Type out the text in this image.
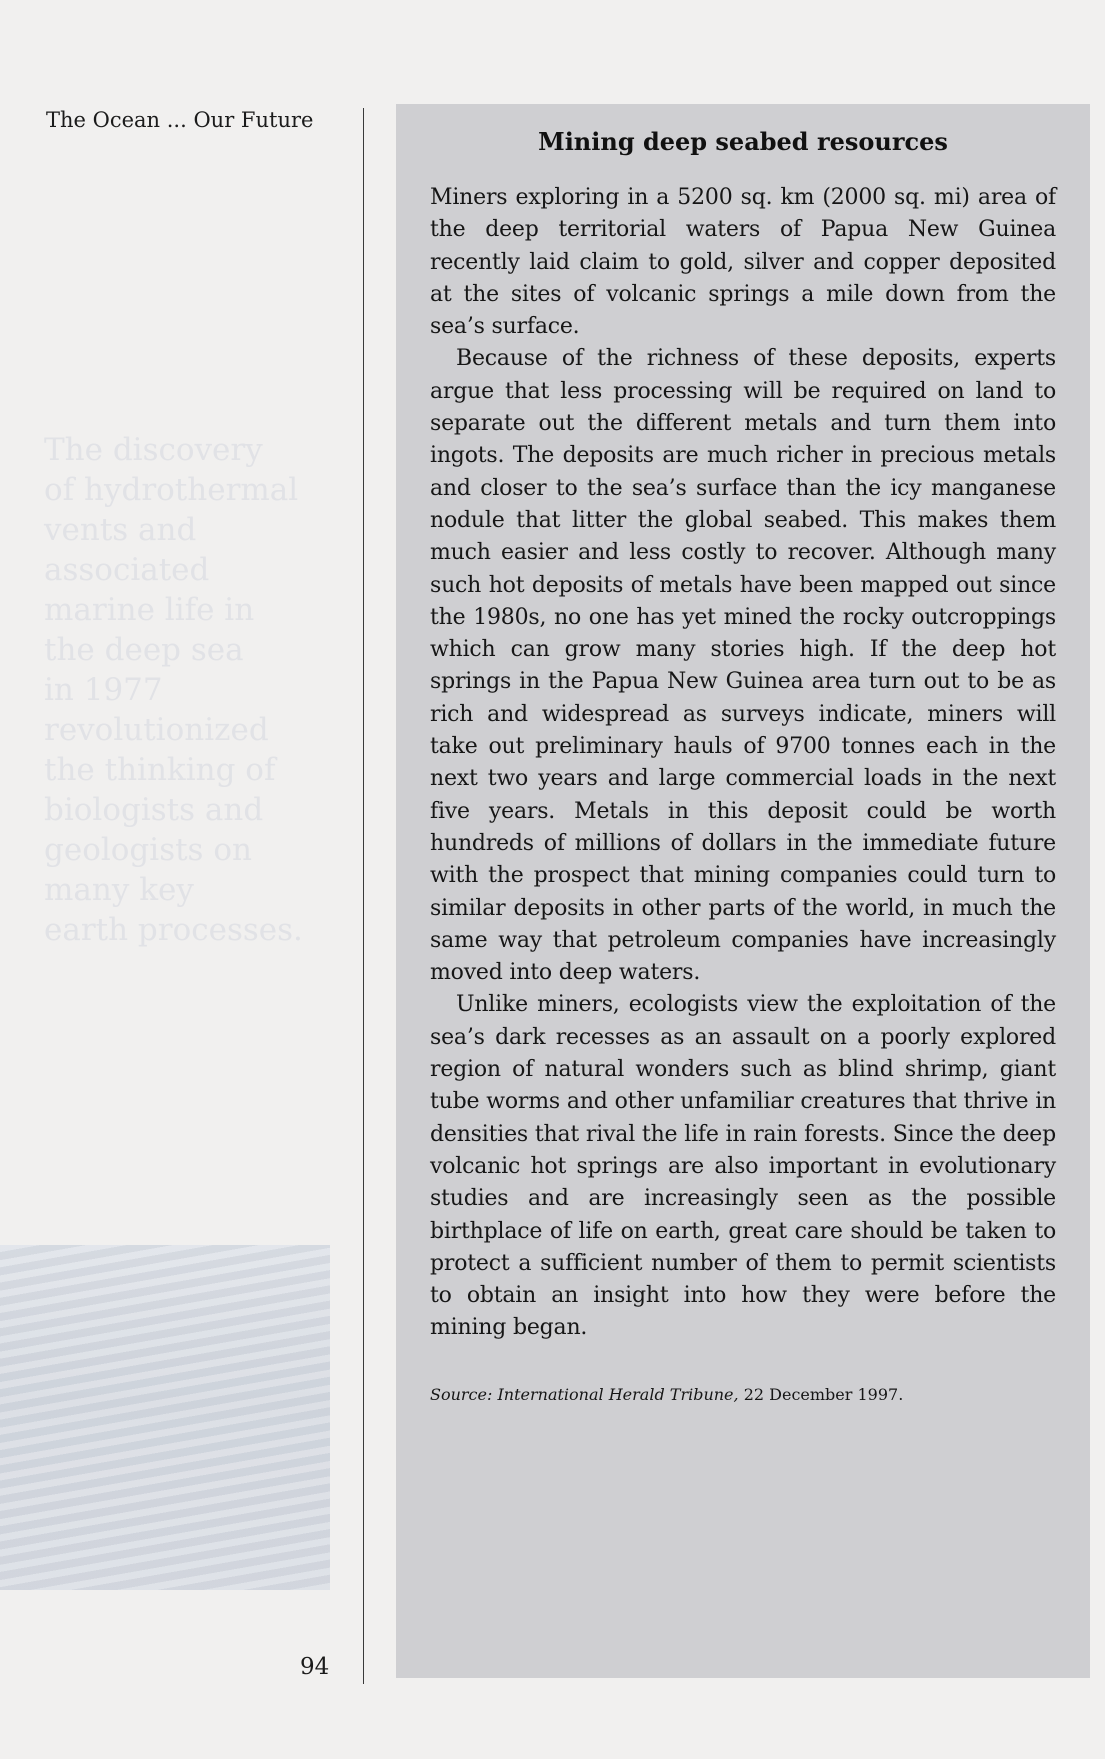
The Ocean ... Our Future
The discovery
of hydrothermal
vents and
associated
marine life in
the deep sea
in 1977
revolutionized
the thinking of
biologists and
geologists on
many key
earth processes.
Mining deep seabed resources

Miners exploring in a 5200 sq. km (2000 sq. mi) area of the deep territorial waters of Papua New Guinea recently laid claim to gold, silver and copper deposited at the sites of volcanic springs a mile down from the sea’s surface.

Because of the richness of these deposits, experts argue that less processing will be required on land to separate out the different metals and turn them into ingots. The deposits are much richer in precious metals and closer to the sea’s surface than the icy manganese nodule that litter the global seabed. This makes them much easier and less costly to recover. Although many such hot deposits of metals have been mapped out since the 1980s, no one has yet mined the rocky outcroppings which can grow many stories high. If the deep hot springs in the Papua New Guinea area turn out to be as rich and widespread as surveys indicate, miners will take out preliminary hauls of 9700 tonnes each in the next two years and large commercial loads in the next five years. Metals in this deposit could be worth hundreds of millions of dollars in the immediate future with the prospect that mining companies could turn to similar deposits in other parts of the world, in much the same way that petroleum companies have increasingly moved into deep waters.

Unlike miners, ecologists view the exploitation of the sea’s dark recesses as an assault on a poorly explored region of natural wonders such as blind shrimp, giant tube worms and other unfamiliar creatures that thrive in densities that rival the life in rain forests. Since the deep volcanic hot springs are also important in evolutionary studies and are increasingly seen as the possible birthplace of life on earth, great care should be taken to protect a sufficient number of them to permit scientists to obtain an insight into how they were before the mining began.

Source: International Herald Tribune, 22 December 1997.
94
